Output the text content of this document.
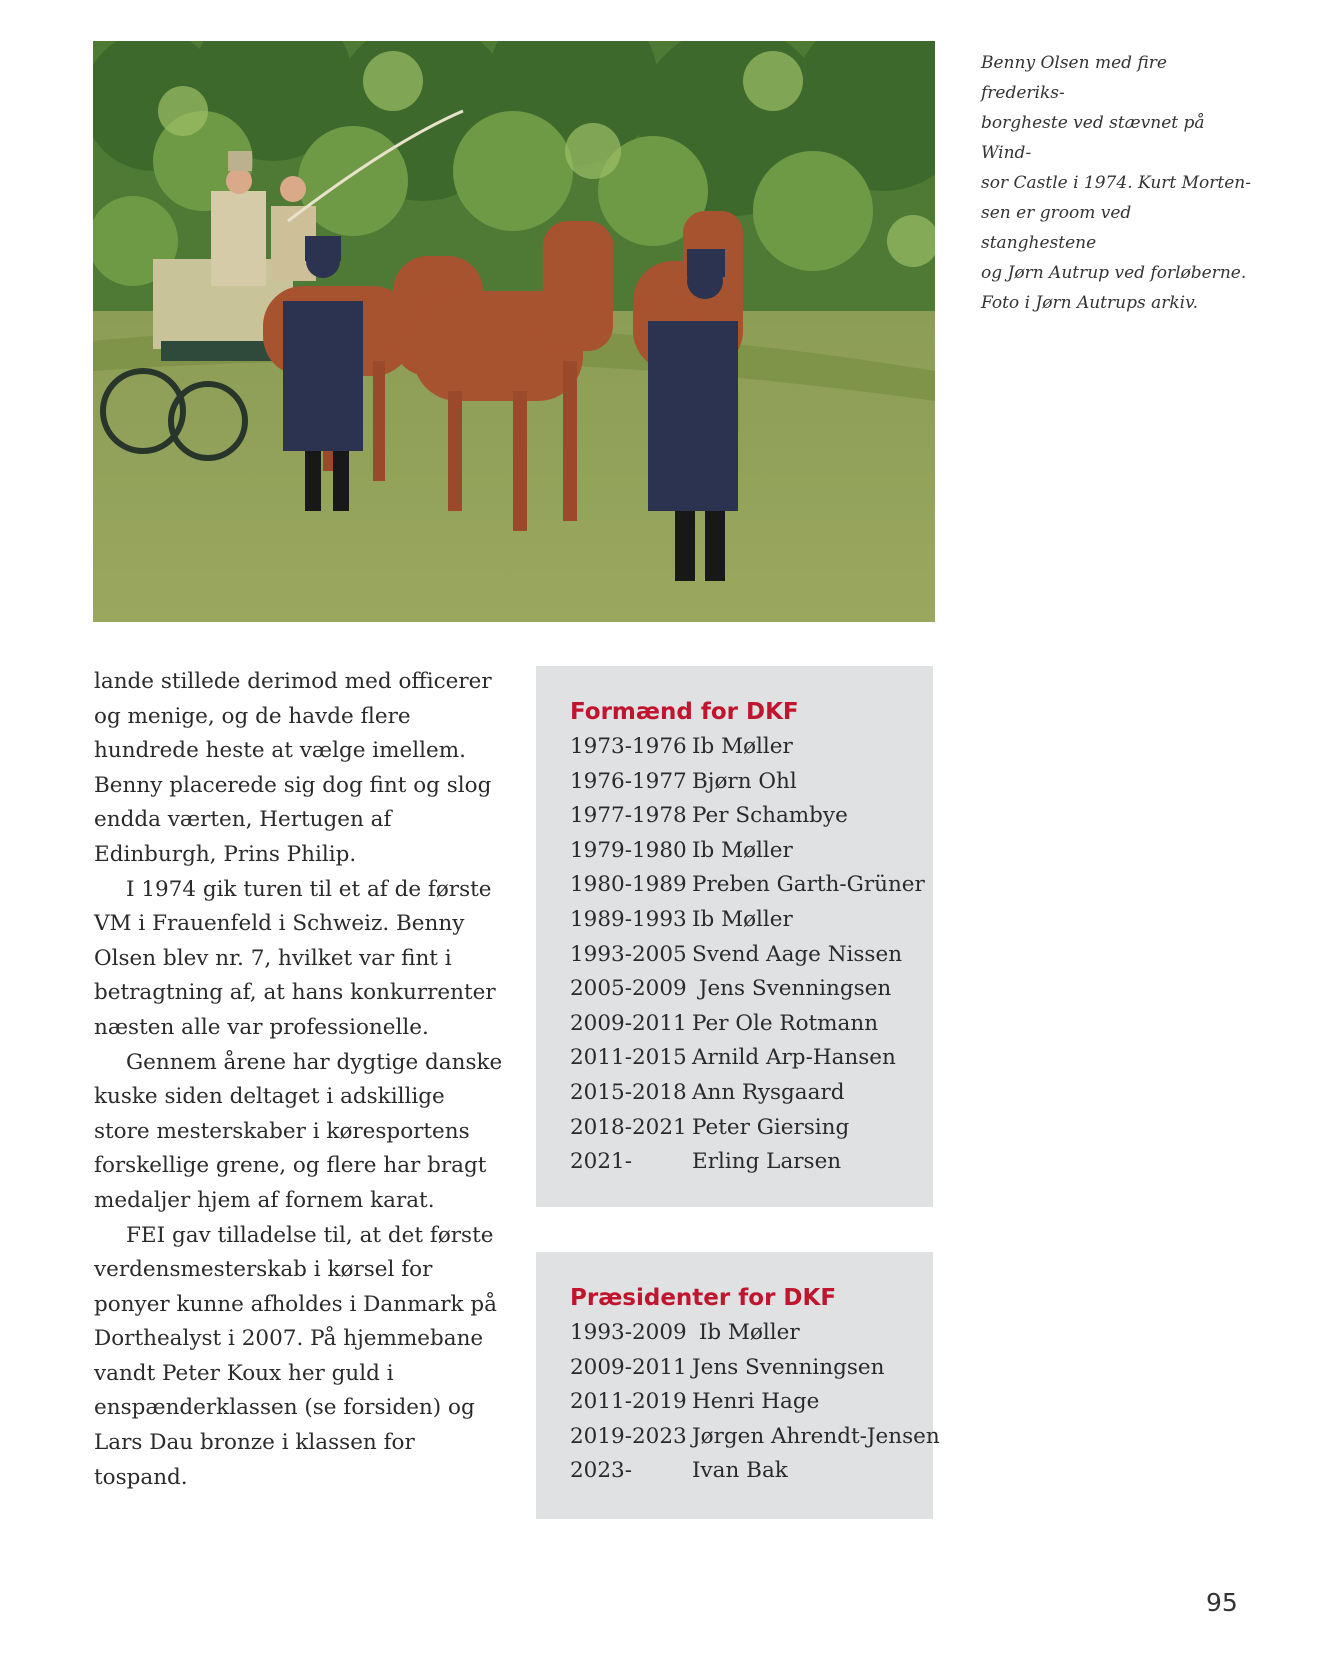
Benny Olsen med fire frederiks-

borgheste ved stævnet på Wind-

sor Castle i 1974. Kurt Morten-

sen er groom ved stanghestene

og Jørn Autrup ved forløberne.

Foto i Jørn Autrups arkiv.

lande stillede derimod med officerer og menige, og de havde flere hundrede heste at vælge imellem. Benny placerede sig dog fint og slog endda værten, Hertugen af Edinburgh, Prins Philip.

I 1974 gik turen til et af de første VM i Frauenfeld i Schweiz. Benny Olsen blev nr. 7, hvilket var fint i betragtning af, at hans konkurrenter næsten alle var professionelle.

Gennem årene har dygtige danske kuske siden deltaget i adskillige store mesterskaber i køresportens forskellige grene, og flere har bragt medaljer hjem af fornem karat.

FEI gav tilladelse til, at det første verdensmesterskab i kørsel for ponyer kunne afholdes i Danmark på Dorthealyst i 2007. På hjemmebane vandt Peter Koux her guld i enspænderklassen (se forsiden) og Lars Dau bronze i klassen for tospand.

Formænd for DKF
1973-1976 Ib Møller
1976-1977 Bjørn Ohl
1977-1978 Per Schambye
1979-1980 Ib Møller
1980-1989 Preben Garth-Grüner
1989-1993 Ib Møller
1993-2005 Svend Aage Nissen
2005-2009 Jens Svenningsen
2009-2011 Per Ole Rotmann
2011-2015 Arnild Arp-Hansen
2015-2018 Ann Rysgaard
2018-2021 Peter Giersing
2021-	Erling Larsen
Præsidenter for DKF
1993-2009 Ib Møller
2009-2011 Jens Svenningsen
2011-2019 Henri Hage
2019-2023 Jørgen Ahrendt-Jensen
2023-	Ivan Bak
95
